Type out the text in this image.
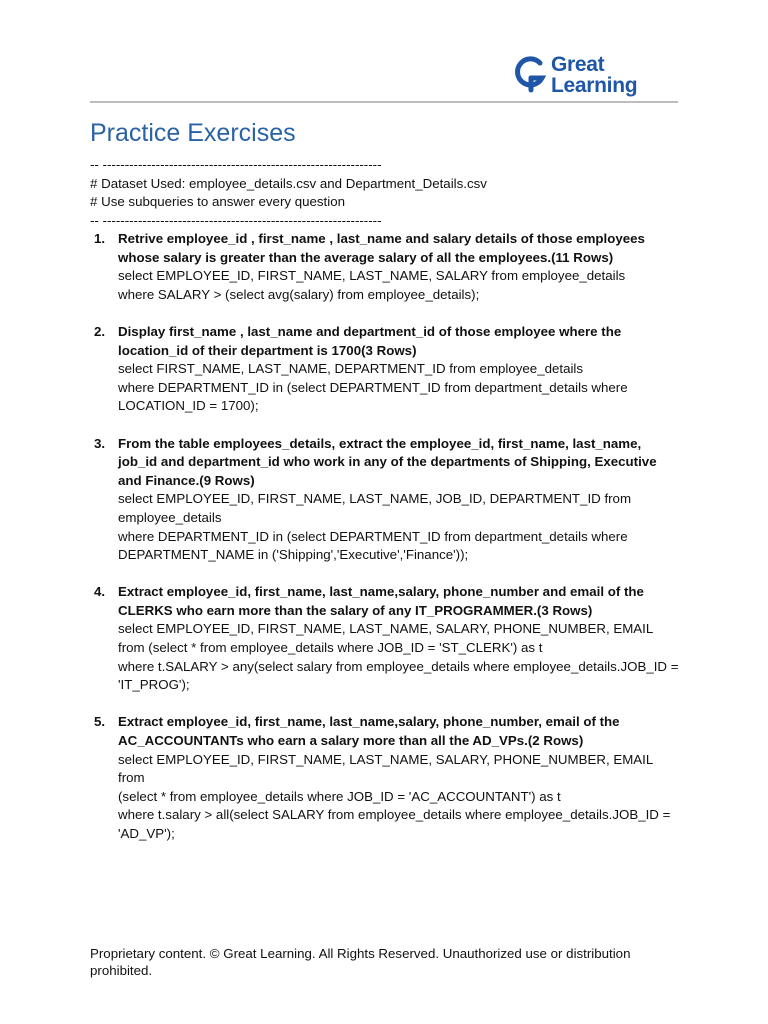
Great
Learning
Practice Exercises
-- ---------------------------------------------------------------
# Dataset Used: employee_details.csv and Department_Details.csv
# Use subqueries to answer every question
-- ---------------------------------------------------------------
1. Retrive employee_id , first_name , last_name and salary details of those employees whose salary is greater than the average salary of all the employees.(11 Rows)
select EMPLOYEE_ID, FIRST_NAME, LAST_NAME, SALARY from employee_details
where SALARY > (select avg(salary) from employee_details);
2. Display first_name , last_name and department_id of those employee where the location_id of their department is 1700(3 Rows)
select FIRST_NAME, LAST_NAME, DEPARTMENT_ID from employee_details
where DEPARTMENT_ID in (select DEPARTMENT_ID from department_details where LOCATION_ID = 1700);
3. From the table employees_details, extract the employee_id, first_name, last_name, job_id and department_id who work in any of the departments of Shipping, Executive and Finance.(9 Rows)
select EMPLOYEE_ID, FIRST_NAME, LAST_NAME, JOB_ID, DEPARTMENT_ID from employee_details
where DEPARTMENT_ID in (select DEPARTMENT_ID from department_details where DEPARTMENT_NAME in ('Shipping','Executive','Finance'));
4. Extract employee_id, first_name, last_name,salary, phone_number and email of the CLERKS who earn more than the salary of any IT_PROGRAMMER.(3 Rows)
select EMPLOYEE_ID, FIRST_NAME, LAST_NAME, SALARY, PHONE_NUMBER, EMAIL
from (select * from employee_details where JOB_ID = 'ST_CLERK') as t
where t.SALARY > any(select salary from employee_details where employee_details.JOB_ID = 'IT_PROG');
5. Extract employee_id, first_name, last_name,salary, phone_number, email of the AC_ACCOUNTANTs who earn a salary more than all the AD_VPs.(2 Rows)
select EMPLOYEE_ID, FIRST_NAME, LAST_NAME, SALARY, PHONE_NUMBER, EMAIL from
(select * from employee_details where JOB_ID = 'AC_ACCOUNTANT') as t
where t.salary > all(select SALARY from employee_details where employee_details.JOB_ID = 'AD_VP');

Proprietary content. © Great Learning. All Rights Reserved. Unauthorized use or distribution prohibited.
